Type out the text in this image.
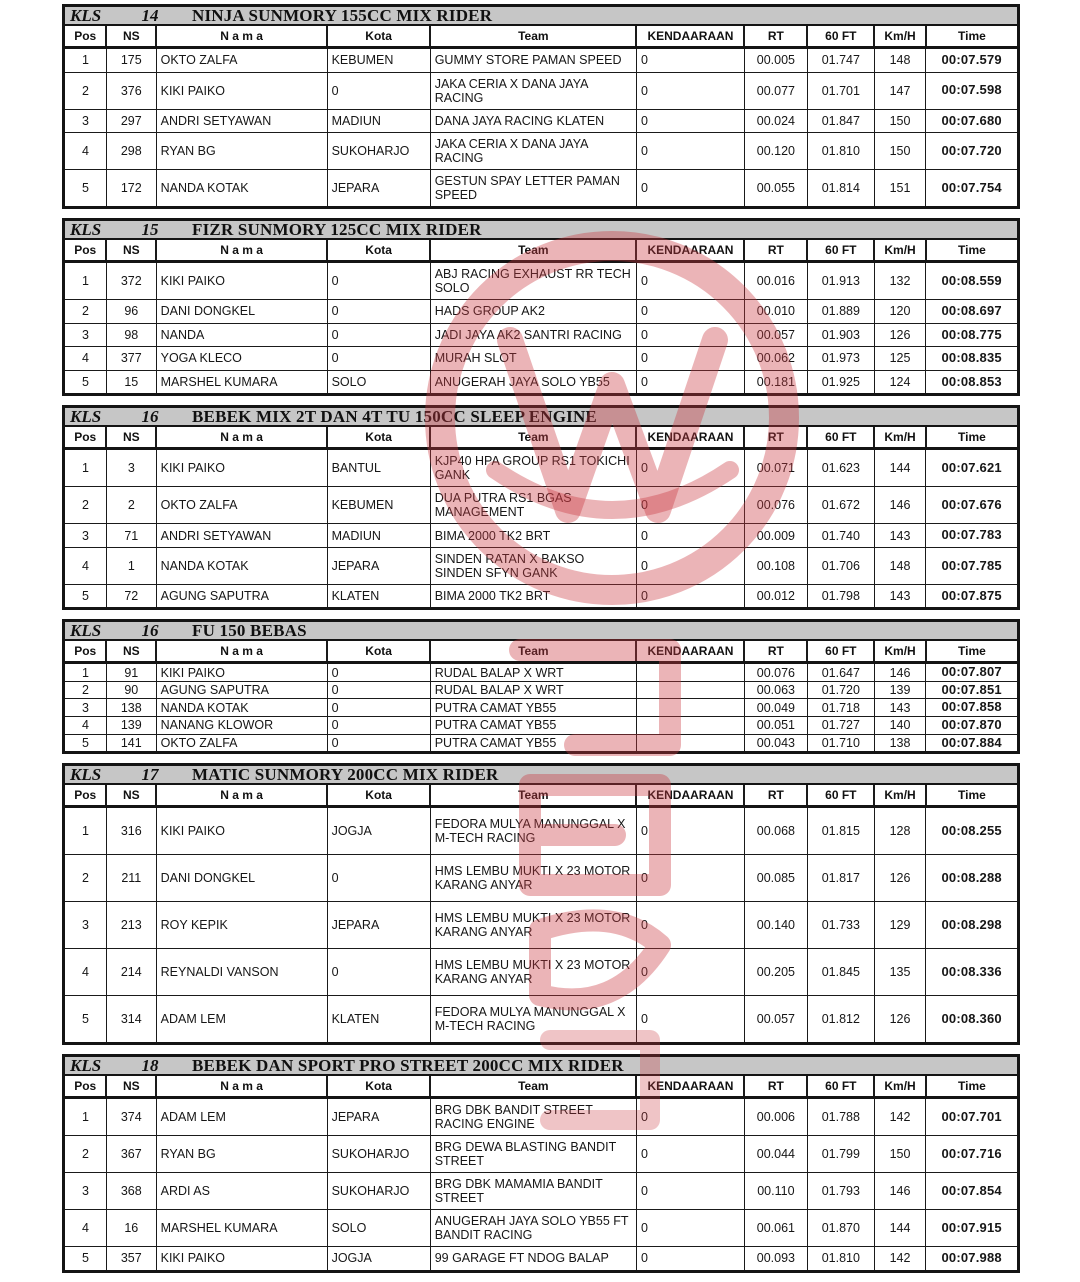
KLS	14	NINJA SUNMORY 155CC MIX RIDER
Pos	NS	N a m a	Kota	Team	KENDAARAAN	RT	60 FT	Km/H	Time
1	175	OKTO ZALFA	KEBUMEN	GUMMY STORE PAMAN SPEED	0	00.005	01.747	148	00:07.579
2	376	KIKI PAIKO	0	JAKA CERIA X DANA JAYA RACING	0	00.077	01.701	147	00:07.598
3	297	ANDRI SETYAWAN	MADIUN	DANA JAYA RACING KLATEN	0	00.024	01.847	150	00:07.680
4	298	RYAN BG	SUKOHARJO	JAKA CERIA X DANA JAYA RACING	0	00.120	01.810	150	00:07.720
5	172	NANDA KOTAK	JEPARA	GESTUN SPAY LETTER PAMAN SPEED	0	00.055	01.814	151	00:07.754
KLS	15	FIZR SUNMORY 125CC MIX RIDER
Pos	NS	N a m a	Kota	Team	KENDAARAAN	RT	60 FT	Km/H	Time
1	372	KIKI PAIKO	0	ABJ RACING EXHAUST RR TECH SOLO	0	00.016	01.913	132	00:08.559
2	96	DANI DONGKEL	0	HADS GROUP AK2	0	00.010	01.889	120	00:08.697
3	98	NANDA	0	JADI JAYA AK2 SANTRI RACING	0	00.057	01.903	126	00:08.775
4	377	YOGA KLECO	0	MURAH SLOT	0	00.062	01.973	125	00:08.835
5	15	MARSHEL KUMARA	SOLO	ANUGERAH JAYA SOLO YB55	0	00.181	01.925	124	00:08.853
KLS	16	BEBEK MIX 2T DAN 4T TU 150CC SLEEP ENGINE
Pos	NS	N a m a	Kota	Team	KENDAARAAN	RT	60 FT	Km/H	Time
1	3	KIKI PAIKO	BANTUL	KJP40 HPA GROUP RS1 TOKICHI GANK	0	00.071	01.623	144	00:07.621
2	2	OKTO ZALFA	KEBUMEN	DUA PUTRA RS1 BGAS MANAGEMENT	0	00.076	01.672	146	00:07.676
3	71	ANDRI SETYAWAN	MADIUN	BIMA 2000 TK2 BRT	0	00.009	01.740	143	00:07.783
4	1	NANDA KOTAK	JEPARA	SINDEN RATAN X BAKSO SINDEN SFYN GANK	0	00.108	01.706	148	00:07.785
5	72	AGUNG SAPUTRA	KLATEN	BIMA 2000 TK2 BRT	0	00.012	01.798	143	00:07.875
KLS	16	FU 150 BEBAS
Pos	NS	N a m a	Kota	Team	KENDAARAAN	RT	60 FT	Km/H	Time
1	91	KIKI PAIKO	0	RUDAL BALAP X WRT		00.076	01.647	146	00:07.807
2	90	AGUNG SAPUTRA	0	RUDAL BALAP X WRT		00.063	01.720	139	00:07.851
3	138	NANDA KOTAK	0	PUTRA CAMAT YB55		00.049	01.718	143	00:07.858
4	139	NANANG KLOWOR	0	PUTRA CAMAT YB55		00.051	01.727	140	00:07.870
5	141	OKTO ZALFA	0	PUTRA CAMAT YB55		00.043	01.710	138	00:07.884
KLS	17	MATIC SUNMORY 200CC MIX RIDER
Pos	NS	N a m a	Kota	Team	KENDAARAAN	RT	60 FT	Km/H	Time
1	316	KIKI PAIKO	JOGJA	FEDORA MULYA MANUNGGAL X M-TECH RACING	0	00.068	01.815	128	00:08.255
2	211	DANI DONGKEL	0	HMS LEMBU MUKTI X 23 MOTOR KARANG ANYAR	0	00.085	01.817	126	00:08.288
3	213	ROY KEPIK	JEPARA	HMS LEMBU MUKTI X 23 MOTOR KARANG ANYAR	0	00.140	01.733	129	00:08.298
4	214	REYNALDI VANSON	0	HMS LEMBU MUKTI X 23 MOTOR KARANG ANYAR	0	00.205	01.845	135	00:08.336
5	314	ADAM LEM	KLATEN	FEDORA MULYA MANUNGGAL X M-TECH RACING	0	00.057	01.812	126	00:08.360
KLS	18	BEBEK DAN SPORT PRO STREET 200CC MIX RIDER
Pos	NS	N a m a	Kota	Team	KENDAARAAN	RT	60 FT	Km/H	Time
1	374	ADAM LEM	JEPARA	BRG DBK BANDIT STREET RACING ENGINE	0	00.006	01.788	142	00:07.701
2	367	RYAN BG	SUKOHARJO	BRG DEWA BLASTING BANDIT STREET	0	00.044	01.799	150	00:07.716
3	368	ARDI AS	SUKOHARJO	BRG DBK MAMAMIA BANDIT STREET	0	00.110	01.793	146	00:07.854
4	16	MARSHEL KUMARA	SOLO	ANUGERAH JAYA SOLO YB55 FT BANDIT RACING	0	00.061	01.870	144	00:07.915
5	357	KIKI PAIKO	JOGJA	99 GARAGE FT NDOG BALAP	0	00.093	01.810	142	00:07.988
